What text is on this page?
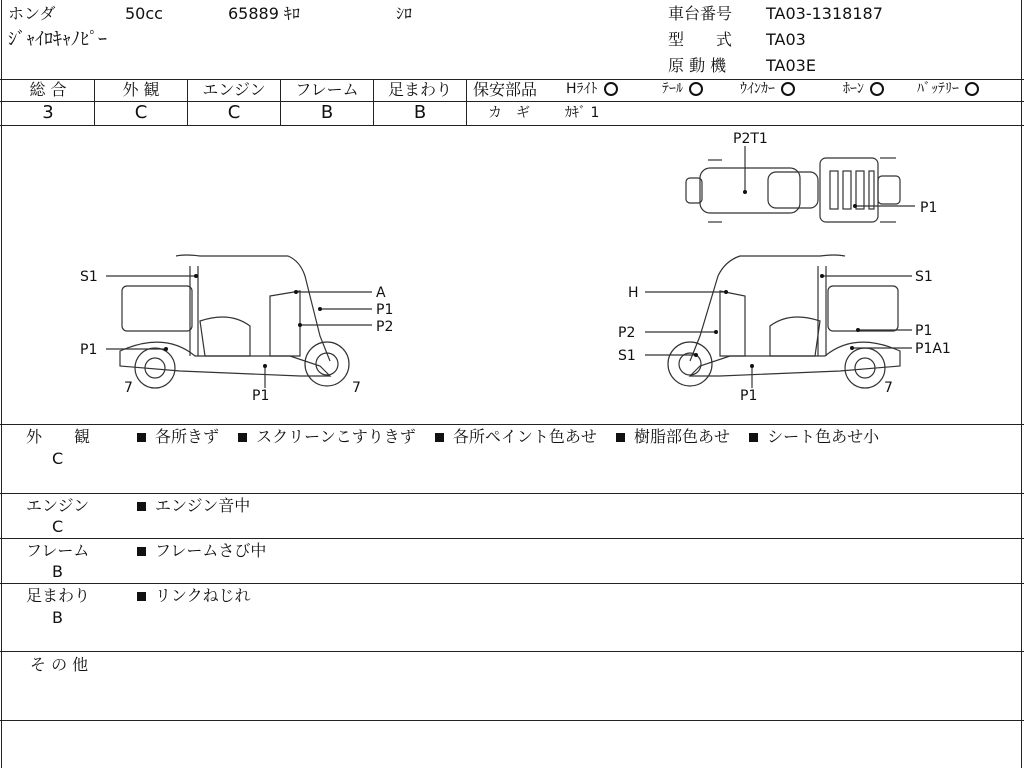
ホンダ	50cc	65889 ｷﾛ	ｼﾛ
ｼﾞｬｲﾛｷｬﾉﾋﾟｰ
車台番号 TA03-1318187
型　　式 TA03
原 動 機 TA03E
総 合	外 観	エンジン	フレーム	足まわり
3	C	C	B	B
保安部品 Hﾗｲﾄ	ﾃｰﾙ	ｳｲﾝｶｰ	ﾎｰﾝ	ﾊﾞｯﾃﾘｰ
カ　ギ	ｶｷﾞ 1
P2T1
P1
S1
A
P1
P2
P1
7	P1	7
S1
H
P1
P2
P1A1
S1
7
P1
外　　観
C
各所きず スクリーンこすりきず 各所ペイント色あせ 樹脂部色あせ シート色あせ小
エンジン
C
エンジン音中
フレーム
B
フレームさび中
足まわり
B
リンクねじれ
そ の 他
